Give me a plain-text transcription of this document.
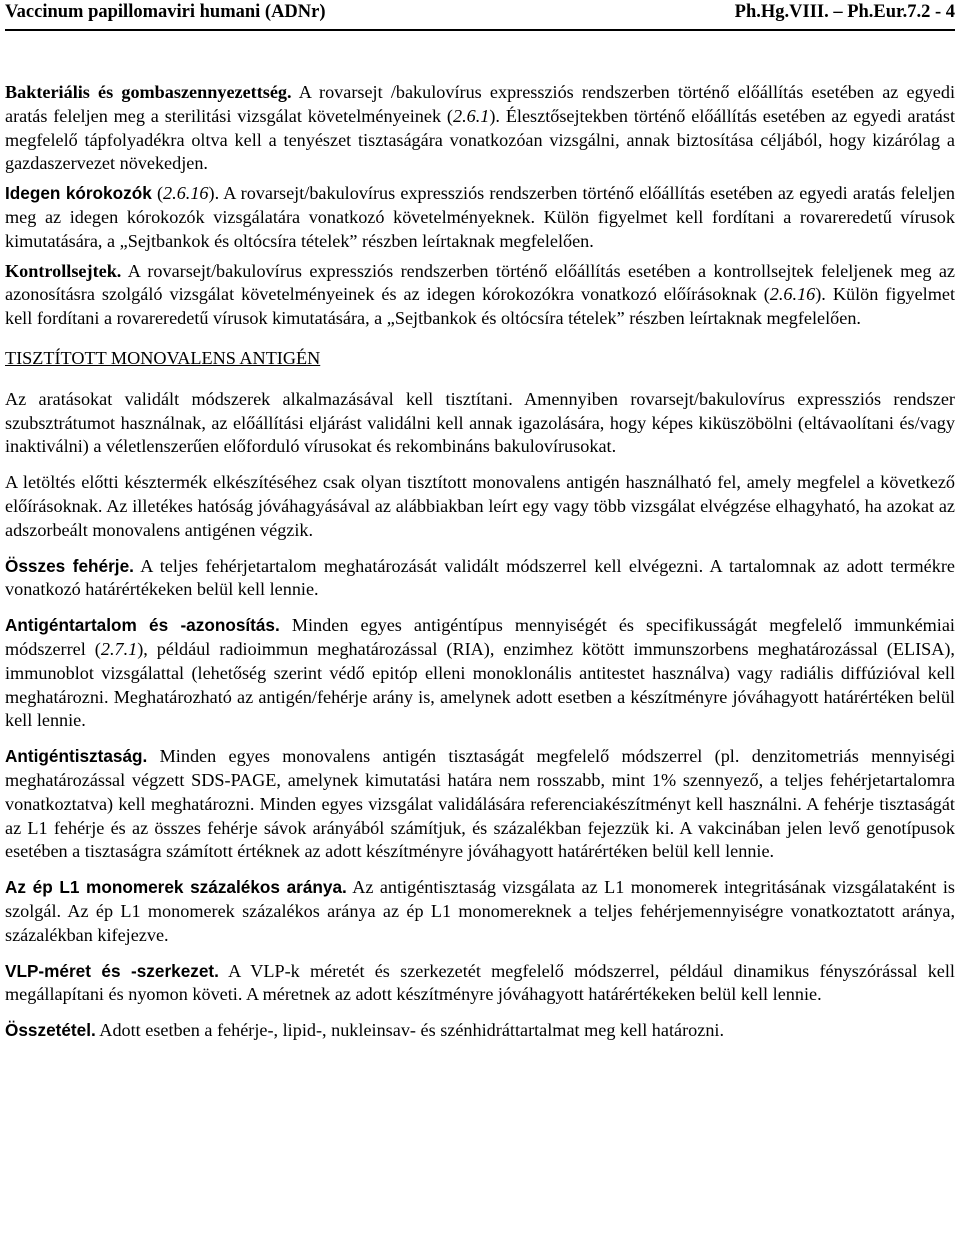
Vaccinum papillomaviri humani (ADNr)	Ph.Hg.VIII. – Ph.Eur.7.2 - 4

Bakteriális és gombaszennyezettség. A rovarsejt /bakulovírus expressziós rendszerben történő előállítás esetében az egyedi aratás feleljen meg a sterilitási vizsgálat követelményeinek (2.6.1). Élesztősejtekben történő előállítás esetében az egyedi aratást megfelelő tápfolyadékra oltva kell a tenyészet tisztaságára vonatkozóan vizsgálni, annak biztosítása céljából, hogy kizárólag a gazdaszervezet növekedjen.

Idegen kórokozók (2.6.16). A rovarsejt/bakulovírus expressziós rendszerben történő előállítás esetében az egyedi aratás feleljen meg az idegen kórokozók vizsgálatára vonatkozó követelményeknek. Külön figyelmet kell fordítani a rovareredetű vírusok kimutatására, a „Sejtbankok és oltócsíra tételek” részben leírtaknak megfelelően.

Kontrollsejtek. A rovarsejt/bakulovírus expressziós rendszerben történő előállítás esetében a kontrollsejtek feleljenek meg az azonosításra szolgáló vizsgálat követelményeinek és az idegen kórokozókra vonatkozó előírásoknak (2.6.16). Külön figyelmet kell fordítani a rovareredetű vírusok kimutatására, a „Sejtbankok és oltócsíra tételek” részben leírtaknak megfelelően.

TISZTÍTOTT MONOVALENS ANTIGÉN

Az aratásokat validált módszerek alkalmazásával kell tisztítani. Amennyiben rovarsejt/bakulovírus expressziós rendszer szubsztrátumot használnak, az előállítási eljárást validálni kell annak igazolására, hogy képes kiküszöbölni (eltávaolítani és/vagy inaktiválni) a véletlenszerűen előforduló vírusokat és rekombináns bakulovírusokat.

A letöltés előtti késztermék elkészítéséhez csak olyan tisztított monovalens antigén használható fel, amely megfelel a következő előírásoknak. Az illetékes hatóság jóváhagyásával az alábbiakban leírt egy vagy több vizsgálat elvégzése elhagyható, ha azokat az adszorbeált monovalens antigénen végzik.

Összes fehérje. A teljes fehérjetartalom meghatározását validált módszerrel kell elvégezni. A tartalomnak az adott termékre vonatkozó határértékeken belül kell lennie.

Antigéntartalom és -azonosítás. Minden egyes antigéntípus mennyiségét és specifikusságát megfelelő immunkémiai módszerrel (2.7.1), például radioimmun meghatározással (RIA), enzimhez kötött immunszorbens meghatározással (ELISA), immunoblot vizsgálattal (lehetőség szerint védő epitóp elleni monoklonális antitestet használva) vagy radiális diffúzióval kell meghatározni. Meghatározható az antigén/fehérje arány is, amelynek adott esetben a készítményre jóváhagyott határértéken belül kell lennie.

Antigéntisztaság. Minden egyes monovalens antigén tisztaságát megfelelő módszerrel (pl. denzitometriás mennyiségi meghatározással végzett SDS-PAGE, amelynek kimutatási határa nem rosszabb, mint 1% szennyező, a teljes fehérjetartalomra vonatkoztatva) kell meghatározni. Minden egyes vizsgálat validálására referenciakészítményt kell használni. A fehérje tisztaságát az L1 fehérje és az összes fehérje sávok arányából számítjuk, és százalékban fejezzük ki. A vakcinában jelen levő genotípusok esetében a tisztaságra számított értéknek az adott készítményre jóváhagyott határértéken belül kell lennie.

Az ép L1 monomerek százalékos aránya. Az antigéntisztaság vizsgálata az L1 monomerek integritásának vizsgálataként is szolgál. Az ép L1 monomerek százalékos aránya az ép L1 monomereknek a teljes fehérjemennyiségre vonatkoztatott aránya, százalékban kifejezve.

VLP-méret és -szerkezet. A VLP-k méretét és szerkezetét megfelelő módszerrel, például dinamikus fényszórással kell megállapítani és nyomon követi. A méretnek az adott készítményre jóváhagyott határértékeken belül kell lennie.

Összetétel. Adott esetben a fehérje-, lipid-, nukleinsav- és szénhidráttartalmat meg kell határozni.
